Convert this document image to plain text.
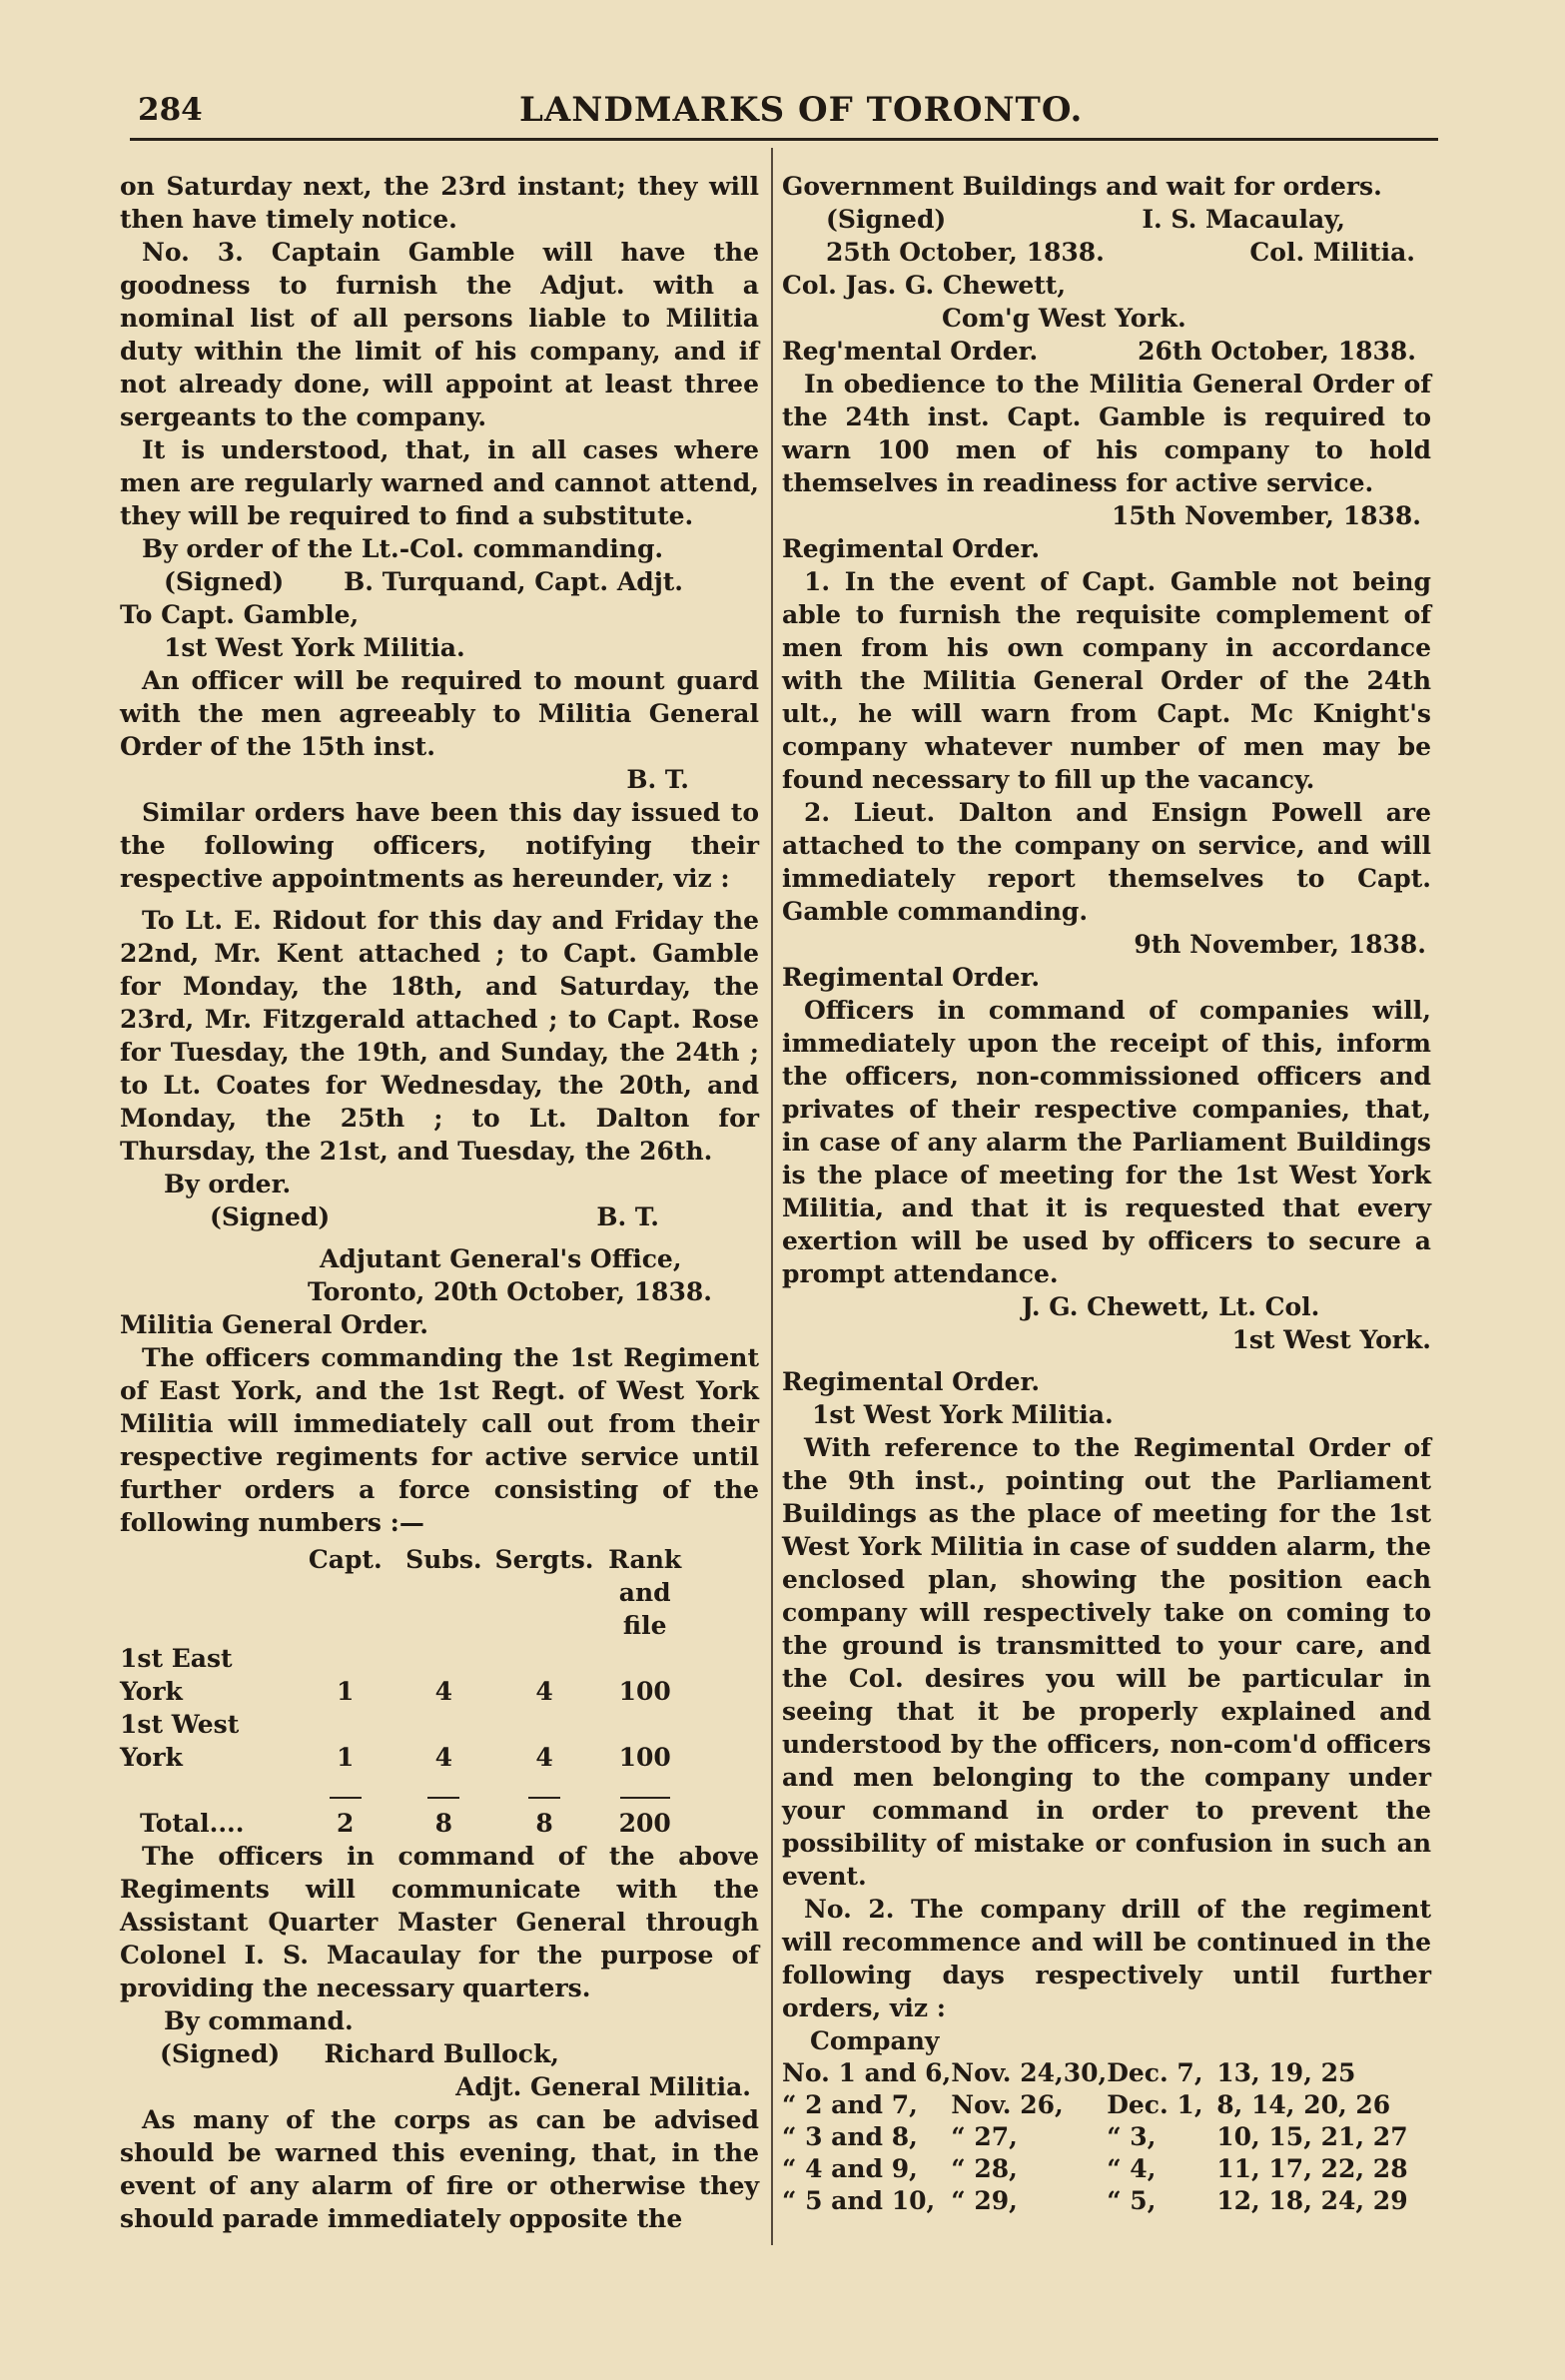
284	LANDMARKS OF TORONTO.

on Saturday next, the 23rd instant; they will then have timely notice.

No. 3. Captain Gamble will have the goodness to furnish the Adjut. with a nominal list of all persons liable to Militia duty within the limit of his company, and if not already done, will appoint at least three sergeants to the company.

It is understood, that, in all cases where men are regularly warned and cannot attend, they will be required to find a substitute.

By order of the Lt.-Col. commanding.

(Signed) B. Turquand, Capt. Adjt.

To Capt. Gamble,

1st West York Militia.

An officer will be required to mount guard with the men agreeably to Militia General Order of the 15th inst.

B. T.

Similar orders have been this day issued to the following officers, notifying their respective appointments as hereunder, viz :

To Lt. E. Ridout for this day and Friday the 22nd, Mr. Kent attached ; to Capt. Gamble for Monday, the 18th, and Saturday, the 23rd, Mr. Fitzgerald attached ; to Capt. Rose for Tuesday, the 19th, and Sunday, the 24th ; to Lt. Coates for Wednesday, the 20th, and Monday, the 25th ; to Lt. Dalton for Thursday, the 21st, and Tuesday, the 26th.

By order.

(Signed)	B. T.

Adjutant General's Office,

Toronto, 20th October, 1838.

Militia General Order.

The officers commanding the 1st Regiment of East York, and the 1st Regt. of West York Militia will immediately call out from their respective regiments for active service until further orders a force consisting of the following numbers :—

	Capt.	Subs.	Sergts.	Rank
				and file
1st East York	1	4	4	100
1st West York	1	4	4	100

Total....	2	8	8	200

The officers in command of the above Regiments will communicate with the Assistant Quarter Master General through Colonel I. S. Macaulay for the purpose of providing the necessary quarters.

By command.

(Signed) Richard Bullock,

Adjt. General Militia.

As many of the corps as can be advised should be warned this evening, that, in the event of any alarm of fire or otherwise they should parade immediately opposite the

Government Buildings and wait for orders.

(Signed)	I. S. Macaulay,
25th October, 1838.	Col. Militia.

Col. Jas. G. Chewett,

Com'g West York.

Reg'mental Order.	26th October, 1838.

In obedience to the Militia General Order of the 24th inst. Capt. Gamble is required to warn 100 men of his company to hold themselves in readiness for active service.

15th November, 1838.

Regimental Order.

1. In the event of Capt. Gamble not being able to furnish the requisite complement of men from his own company in accordance with the Militia General Order of the 24th ult., he will warn from Capt. Mc Knight's company whatever number of men may be found necessary to fill up the vacancy.

2. Lieut. Dalton and Ensign Powell are attached to the company on service, and will immediately report themselves to Capt. Gamble commanding.

9th November, 1838.

Regimental Order.

Officers in command of companies will, immediately upon the receipt of this, inform the officers, non-commissioned officers and privates of their respective companies, that, in case of any alarm the Parliament Buildings is the place of meeting for the 1st West York Militia, and that it is requested that every exertion will be used by officers to secure a prompt attendance.

J. G. Chewett, Lt. Col.

1st West York.

Regimental Order.

1st West York Militia.

With reference to the Regimental Order of the 9th inst., pointing out the Parliament Buildings as the place of meeting for the 1st West York Militia in case of sudden alarm, the enclosed plan, showing the position each company will respectively take on coming to the ground is transmitted to your care, and the Col. desires you will be particular in seeing that it be properly explained and understood by the officers, non-com'd officers and men belonging to the company under your command in order to prevent the possibility of mistake or confusion in such an event.

No. 2. The company drill of the regiment will recommence and will be continued in the following days respectively until further orders, viz :

Company

No. 1 and 6,	Nov. 24,	30,	Dec. 7,	13, 19, 25
“ 2 and 7,	Nov. 26,		Dec. 1,	8, 14, 20, 26
“ 3 and 8,	“ 27,		“ 3,	10, 15, 21, 27
“ 4 and 9,	“ 28,		“ 4,	11, 17, 22, 28
“ 5 and 10,	“ 29,		“ 5,	12, 18, 24, 29
